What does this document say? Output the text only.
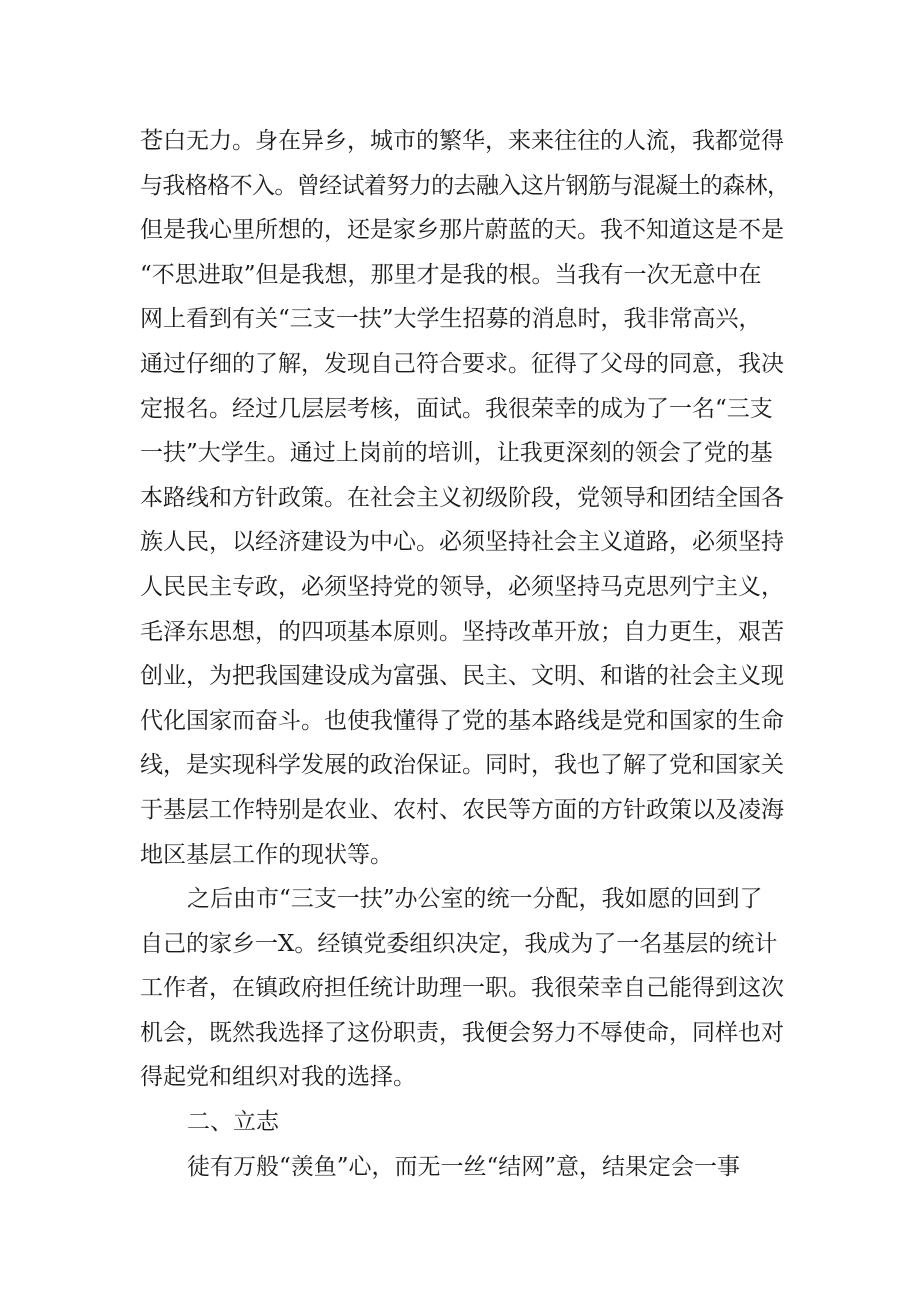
苍白无力。身在异乡，城市的繁华，来来往往的人流，我都觉得
与我格格不入。曾经试着努力的去融入这片钢筋与混凝土的森林，
但是我心里所想的，还是家乡那片蔚蓝的天。我不知道这是不是
“不思进取”但是我想，那里才是我的根。当我有一次无意中在
网上看到有关“三支一扶”大学生招募的消息时，我非常高兴，
通过仔细的了解，发现自己符合要求。征得了父母的同意，我决
定报名。经过几层层考核，面试。我很荣幸的成为了一名“三支
一扶”大学生。通过上岗前的培训，让我更深刻的领会了党的基
本路线和方针政策。在社会主义初级阶段，党领导和团结全国各
族人民，以经济建设为中心。必须坚持社会主义道路，必须坚持
人民民主专政，必须坚持党的领导，必须坚持马克思列宁主义，
毛泽东思想，的四项基本原则。坚持改革开放；自力更生，艰苦
创业，为把我国建设成为富强、民主、文明、和谐的社会主义现
代化国家而奋斗。也使我懂得了党的基本路线是党和国家的生命
线，是实现科学发展的政治保证。同时，我也了解了党和国家关
于基层工作特别是农业、农村、农民等方面的方针政策以及凌海
地区基层工作的现状等。
之后由市“三支一扶”办公室的统一分配，我如愿的回到了
自己的家乡一X。经镇党委组织决定，我成为了一名基层的统计
工作者，在镇政府担任统计助理一职。我很荣幸自己能得到这次
机会，既然我选择了这份职责，我便会努力不辱使命，同样也对
得起党和组织对我的选择。
二、立志
徒有万般“羡鱼”心，而无一丝“结网”意，结果定会一事
